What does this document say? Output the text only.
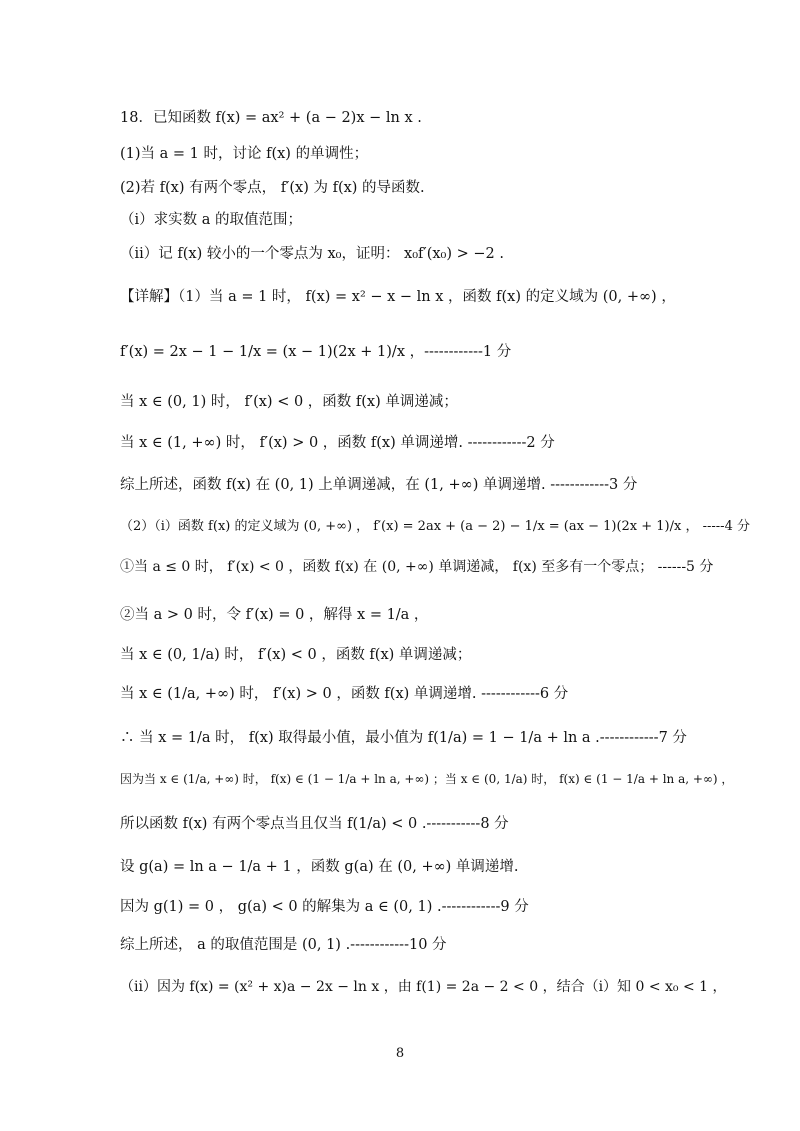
18．已知函数 f(x) = ax² + (a − 2)x − ln x .
(1)当 a = 1 时，讨论 f(x) 的单调性；
(2)若 f(x) 有两个零点， f′(x) 为 f(x) 的导函数.
（i）求实数 a 的取值范围；
（ii）记 f(x) 较小的一个零点为 x₀，证明： x₀f′(x₀) > −2 .
【详解】（1）当 a = 1 时， f(x) = x² − x − ln x ，函数 f(x) 的定义域为 (0, +∞) ，
f′(x) = 2x − 1 − 1/x = (x − 1)(2x + 1)/x ，------------1 分
当 x ∈ (0, 1) 时， f′(x) < 0 ，函数 f(x) 单调递减；
当 x ∈ (1, +∞) 时， f′(x) > 0 ，函数 f(x) 单调递增. ------------2 分
综上所述，函数 f(x) 在 (0, 1) 上单调递减，在 (1, +∞) 单调递增. ------------3 分
（2）（i）函数 f(x) 的定义域为 (0, +∞) ， f′(x) = 2ax + (a − 2) − 1/x = (ax − 1)(2x + 1)/x ， -----4 分
①当 a ≤ 0 时， f′(x) < 0 ，函数 f(x) 在 (0, +∞) 单调递减， f(x) 至多有一个零点； ------5 分
②当 a > 0 时，令 f′(x) = 0 ，解得 x = 1/a ，
当 x ∈ (0, 1/a) 时， f′(x) < 0 ，函数 f(x) 单调递减；
当 x ∈ (1/a, +∞) 时， f′(x) > 0 ，函数 f(x) 单调递增. ------------6 分
∴ 当 x = 1/a 时， f(x) 取得最小值，最小值为 f(1/a) = 1 − 1/a + ln a .------------7 分
因为当 x ∈ (1/a, +∞) 时， f(x) ∈ (1 − 1/a + ln a, +∞) ；当 x ∈ (0, 1/a) 时， f(x) ∈ (1 − 1/a + ln a, +∞) ，
所以函数 f(x) 有两个零点当且仅当 f(1/a) < 0 .-----------8 分
设 g(a) = ln a − 1/a + 1 ，函数 g(a) 在 (0, +∞) 单调递增.
因为 g(1) = 0 ， g(a) < 0 的解集为 a ∈ (0, 1) .------------9 分
综上所述， a 的取值范围是 (0, 1) .------------10 分
（ii）因为 f(x) = (x² + x)a − 2x − ln x ，由 f(1) = 2a − 2 < 0 ，结合（i）知 0 < x₀ < 1 ，
8
